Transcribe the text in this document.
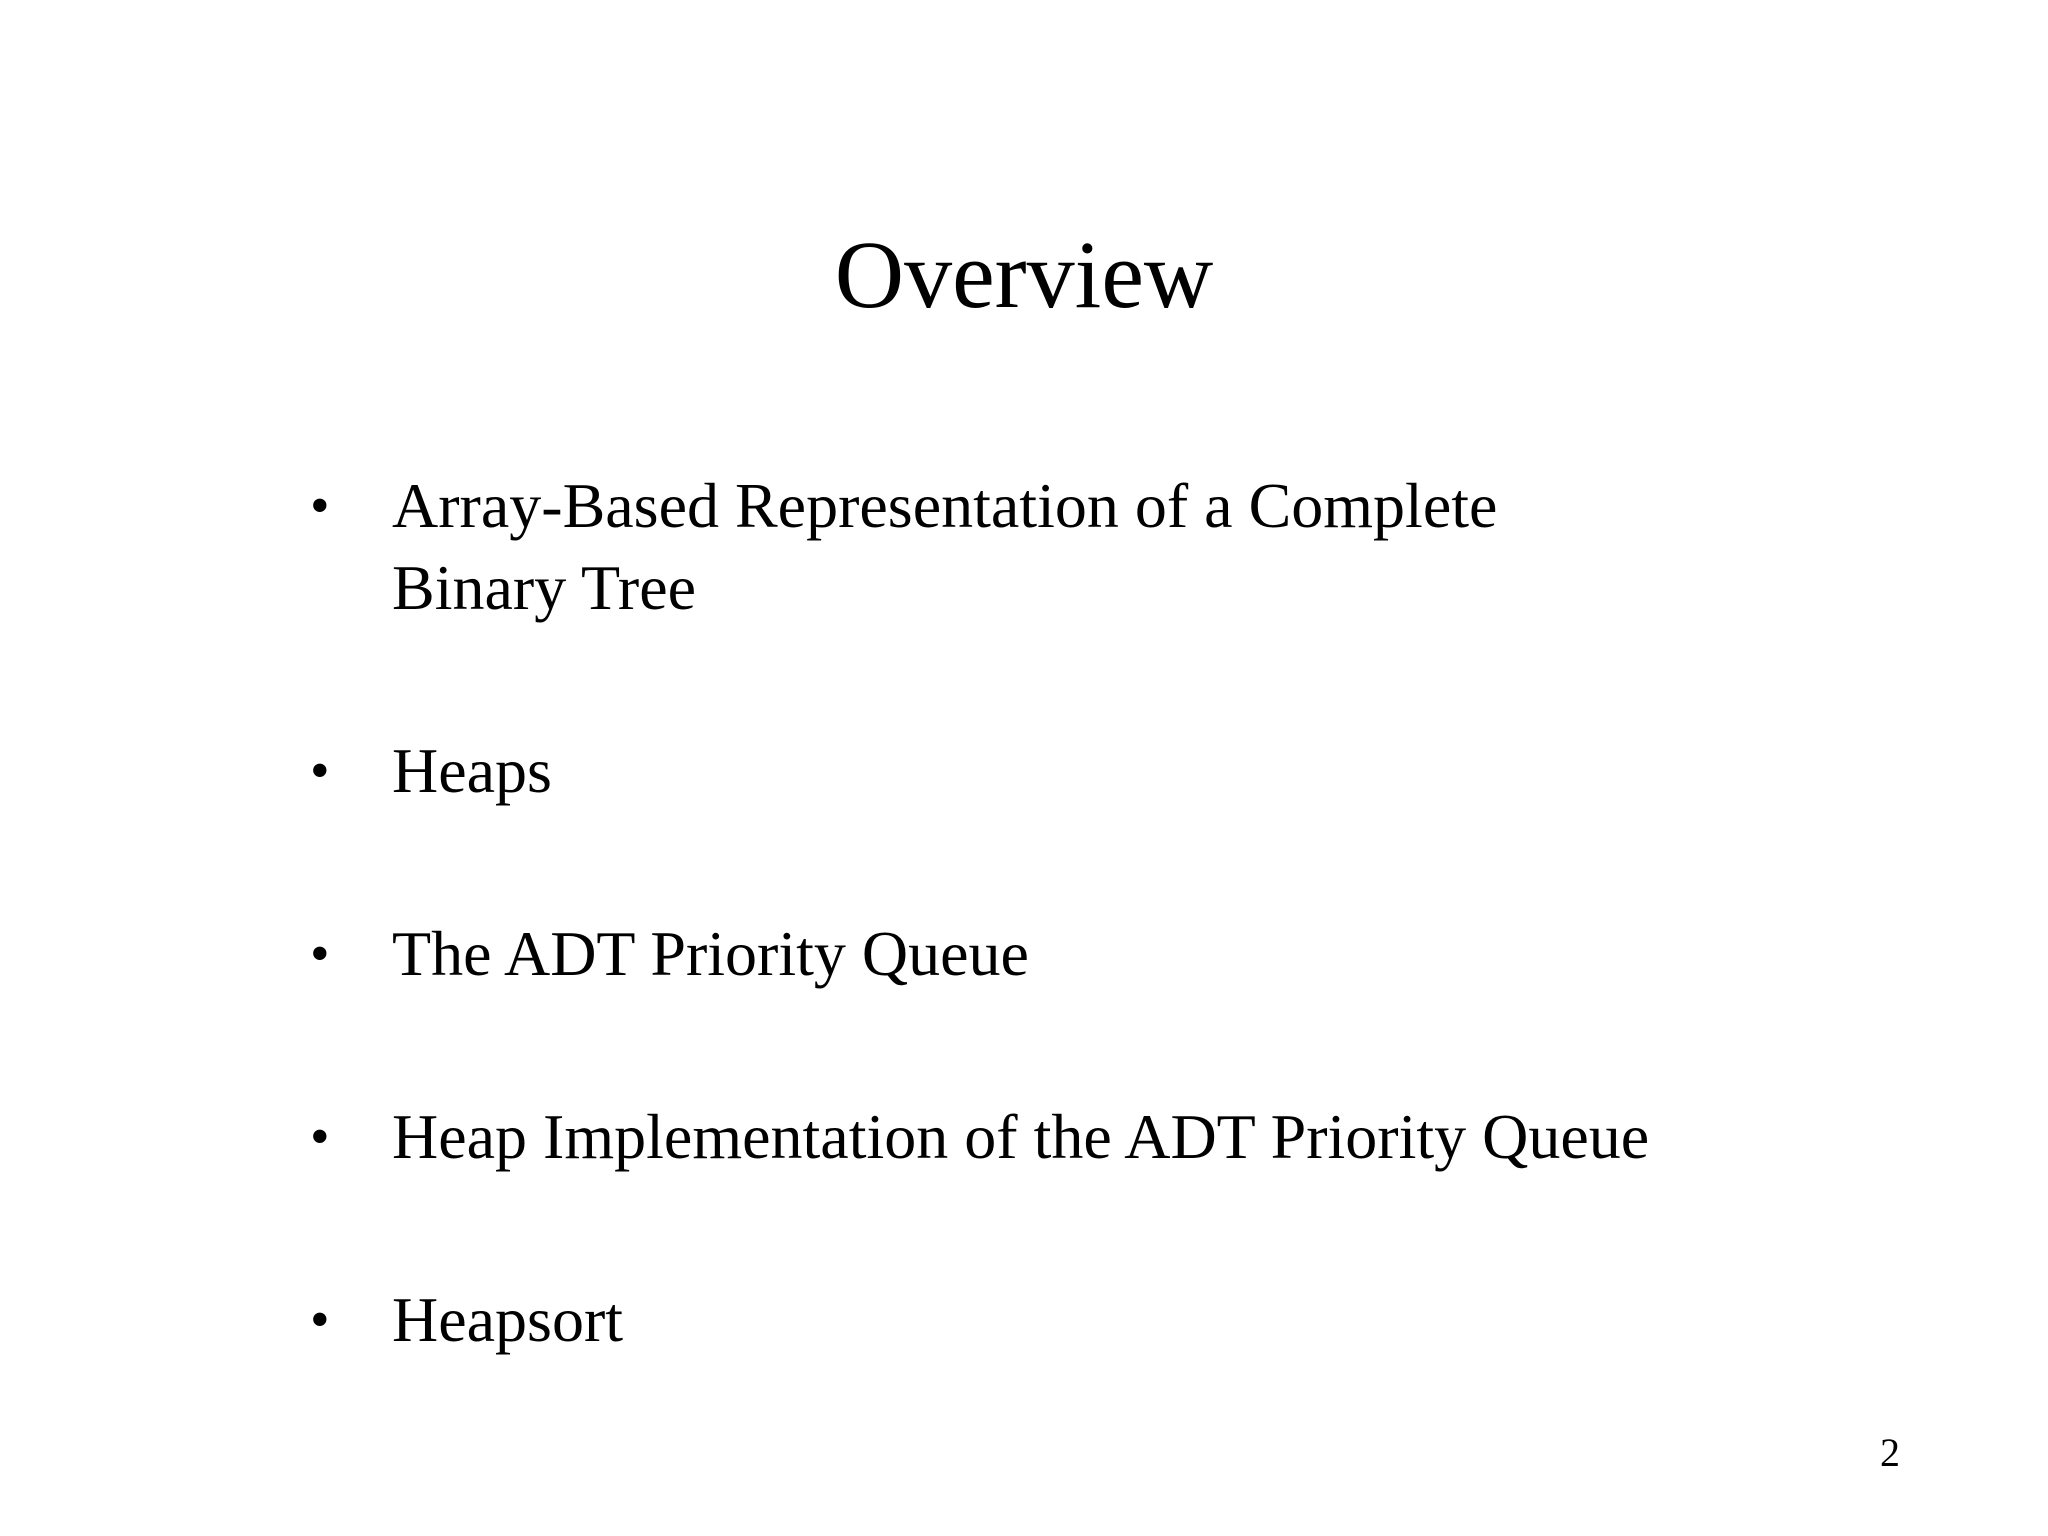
Overview
• Array-Based Representation of a Complete
Binary Tree
• Heaps
• The ADT Priority Queue
• Heap Implementation of the ADT Priority Queue
• Heapsort
2
